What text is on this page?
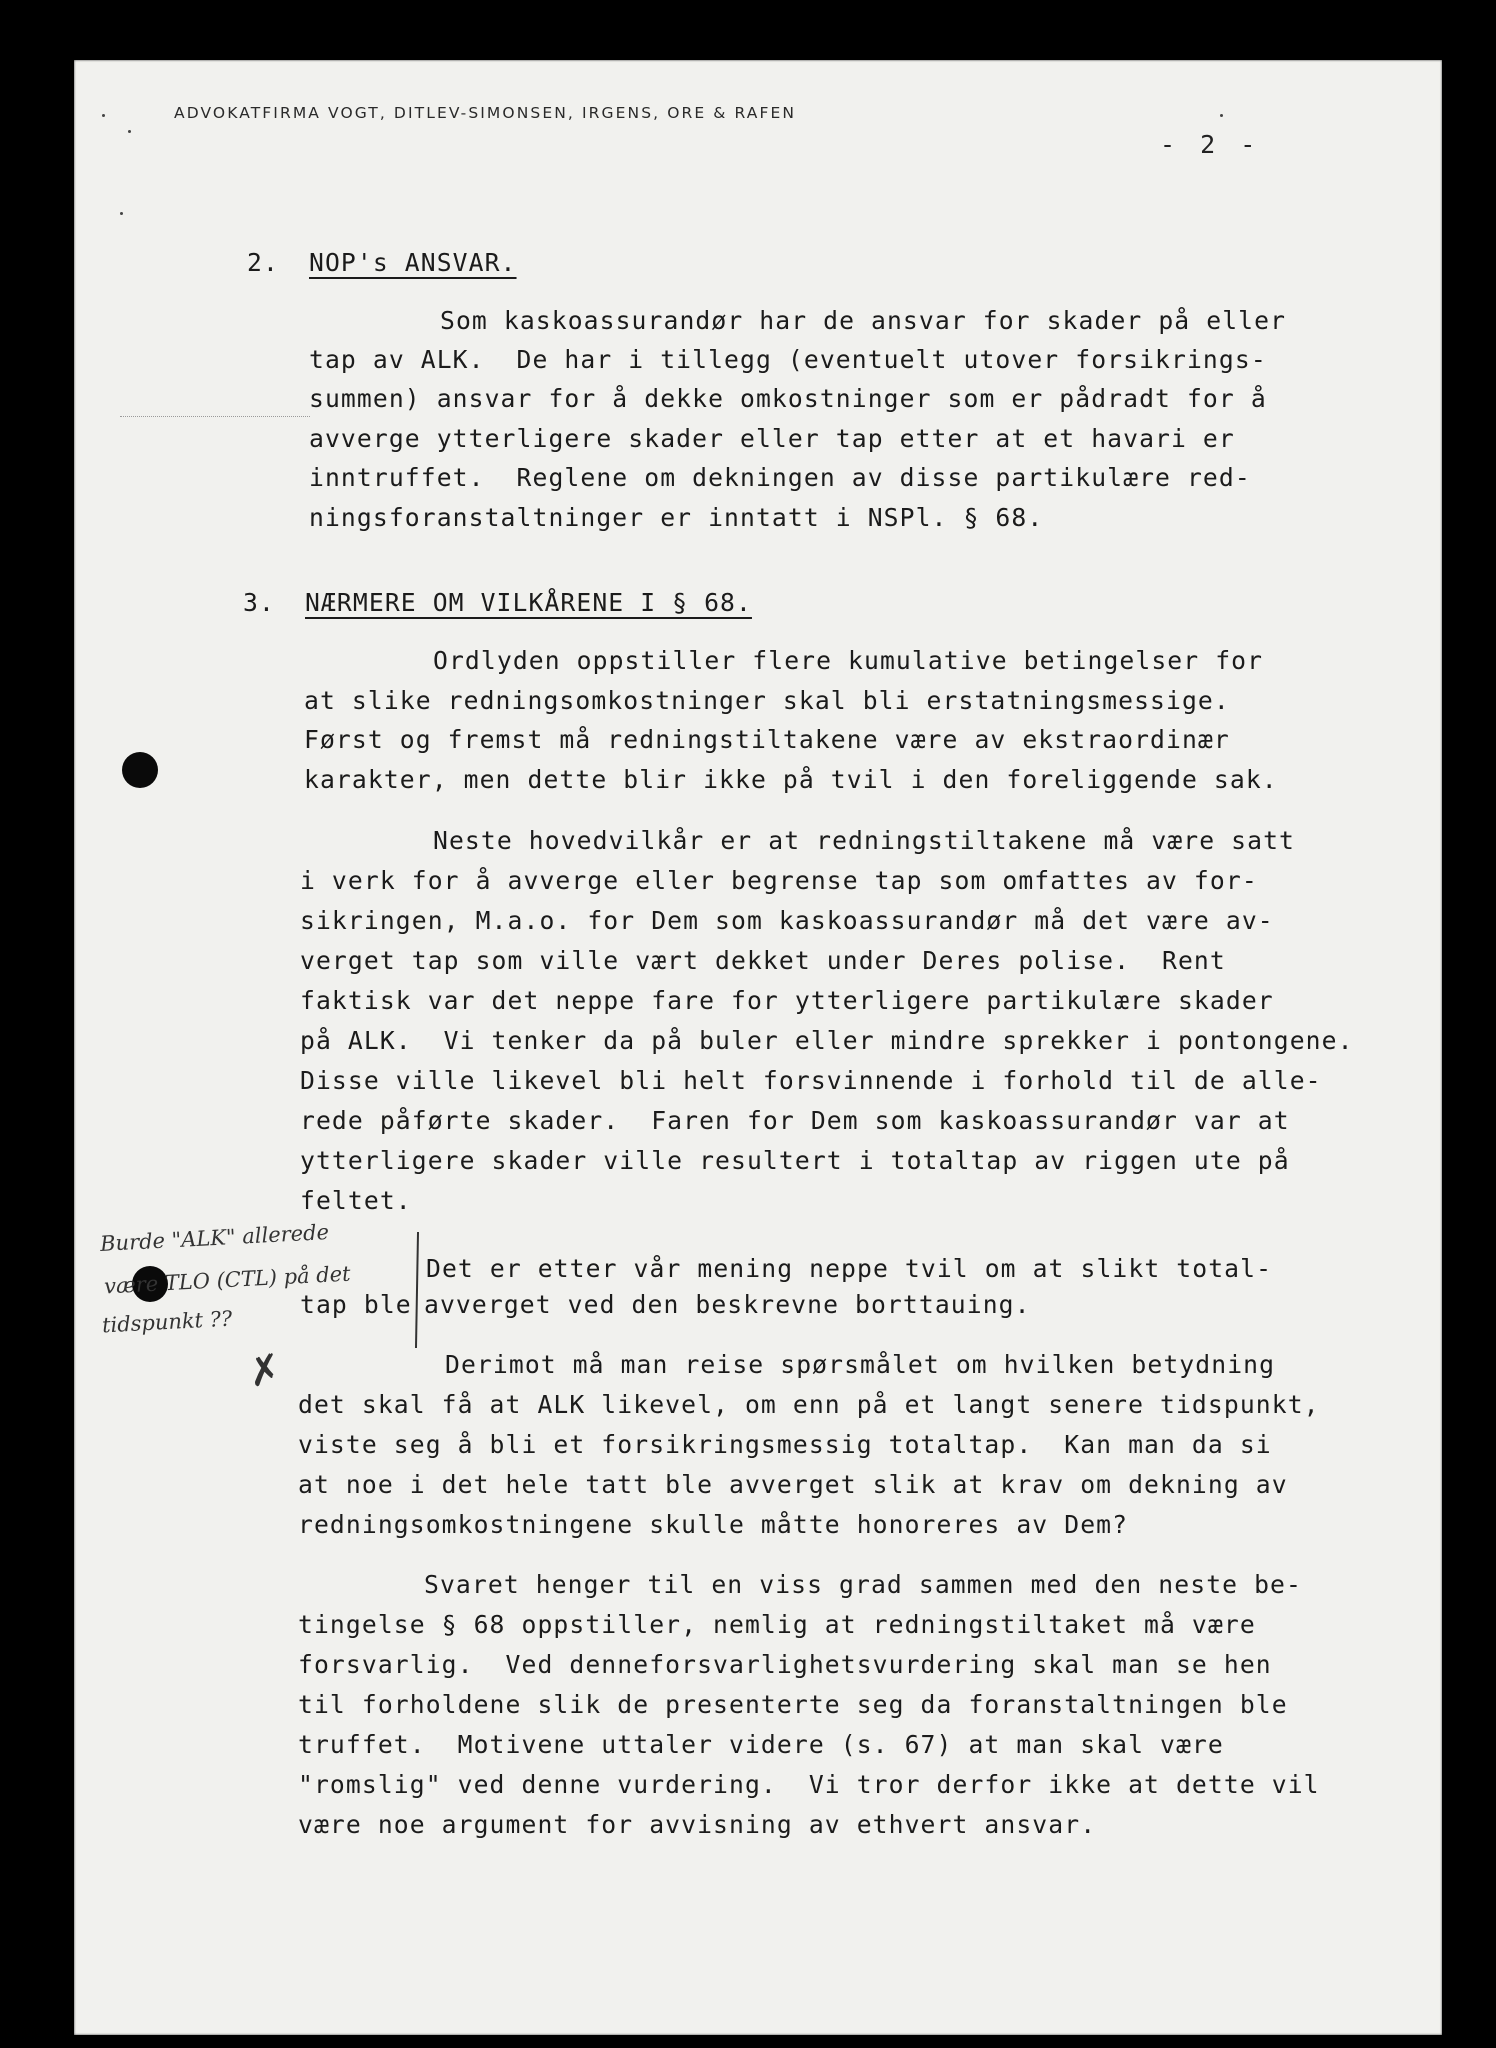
ADVOKATFIRMA VOGT, DITLEV-SIMONSEN, IRGENS, ORE & RAFEN
- 2 -
2. NOP's ANSVAR.
Som kaskoassurandør har de ansvar for skader på eller
tap av ALK.  De har i tillegg (eventuelt utover forsikrings-
summen) ansvar for å dekke omkostninger som er pådradt for å
avverge ytterligere skader eller tap etter at et havari er
inntruffet.  Reglene om dekningen av disse partikulære red-
ningsforanstaltninger er inntatt i NSPl. § 68.
3. NÆRMERE OM VILKÅRENE I § 68.
Ordlyden oppstiller flere kumulative betingelser for
at slike redningsomkostninger skal bli erstatningsmessige.
Først og fremst må redningstiltakene være av ekstraordinær
karakter, men dette blir ikke på tvil i den foreliggende sak.
Neste hovedvilkår er at redningstiltakene må være satt
i verk for å avverge eller begrense tap som omfattes av for-
sikringen, M.a.o. for Dem som kaskoassurandør må det være av-
verget tap som ville vært dekket under Deres polise.  Rent
faktisk var det neppe fare for ytterligere partikulære skader
på ALK.  Vi tenker da på buler eller mindre sprekker i pontongene.
Disse ville likevel bli helt forsvinnende i forhold til de alle-
rede påførte skader.  Faren for Dem som kaskoassurandør var at
ytterligere skader ville resultert i totaltap av riggen ute på
feltet.
Det er etter vår mening neppe tvil om at slikt total-
tap ble avverget ved den beskrevne borttauing.
Derimot må man reise spørsmålet om hvilken betydning
det skal få at ALK likevel, om enn på et langt senere tidspunkt,
viste seg å bli et forsikringsmessig totaltap.  Kan man da si
at noe i det hele tatt ble avverget slik at krav om dekning av
redningsomkostningene skulle måtte honoreres av Dem?
Svaret henger til en viss grad sammen med den neste be-
tingelse § 68 oppstiller, nemlig at redningstiltaket må være
forsvarlig.  Ved denneforsvarlighetsvurdering skal man se hen
til forholdene slik de presenterte seg da foranstaltningen ble
truffet.  Motivene uttaler videre (s. 67) at man skal være
"romslig" ved denne vurdering.  Vi tror derfor ikke at dette vil
være noe argument for avvisning av ethvert ansvar.
Burde "ALK" allerede
være TLO (CTL) på det
tidspunkt ??
✗
